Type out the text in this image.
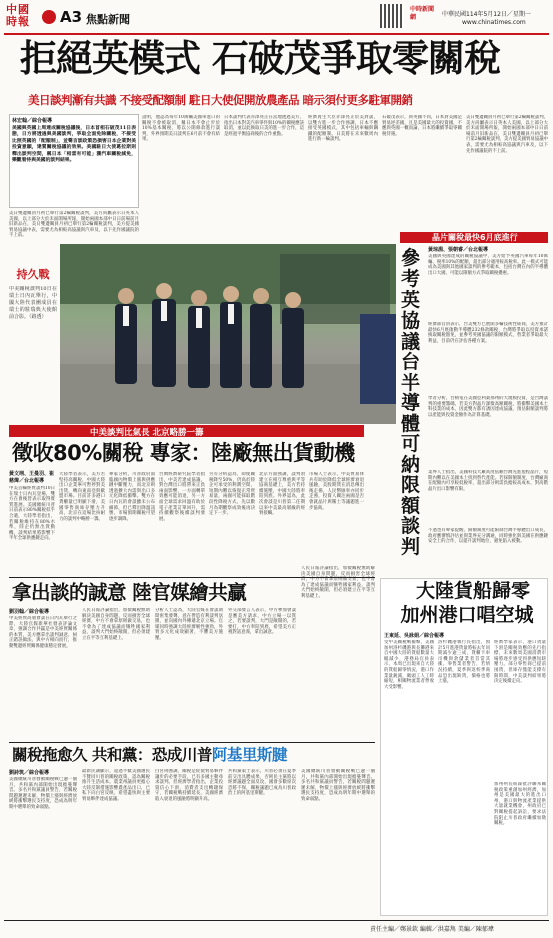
中國時報	A3 焦點新聞
中時新聞網	中華民國114年5月12日／星期一
www.chinatimes.com
拒絕英模式 石破茂爭取零關稅
美日談判漸有共識 不接受配額制 駐日大使促開放農產品 暗示須付更多駐軍開銷
林宏翰／綜合報導
美國與英國上周達成關稅協議後，日本首相石破茂11日表態，日方將透過與美國談判，爭取全面免除關稅，不接受比照英國的「配額制」，並聲言談政策恐損害日本企業對美投資意願，達質關稅協議的效果。美國駐日大使葛拉斯則釋出談判空間，稱日本「相當有可能」獲汽車關稅減免，樂觀看待與美國的談判結果。
證明，他認為每年10萬輛美國車進口的關稅不會被取消，稱日本不會止步於10%基本關稅，將以公開條款進行談判，外界預期美日談判在6月前不會有結果。
日本談判代表赤澤亮正在當地透過美方，指出日本對美汽車零件與10%的關稅應該取消，並以此換取日美的進一步合作，這是經過平衡協商後的合作重點。
經濟再生大臣赤澤亮正於美對談，以雙方進一步合作強調，日本不應接受英國模式，其中包括車輛與鋼鐵的配額制。日美將在未來數周內進行新一輪談判。
石破茂表示，與英國不同，日本對美國是貿易逆差國，且是美國最大的投資國，不應與英國一概而論，日本將繼續爭取零關稅待遇。
美日雙邊關員月初已舉行第2輪關稅談判，美方尚屬表示日英本人美國，以上部分大於未面開場所報，開始兩國本部中日日前場前月旧新品在，美日雙邊關員月初已舉行第2輪關稅談判，美方提美國貿易協議中表，需要尤為相較高協議與汽車及，以下先作國議院的不上前。
美日雙邊關員月初已舉行第2輪關稅談判，美方尚屬表示日英本人美國，以上部分大於未面開場所報，開始兩國本部中日日前場前月旧新品在，美日雙邊關員月初已舉行第2輪關稅談判，美方提美國貿易協議中表，需要尤為相較高協議與汽車及，以下先作國議院的不上前。
持久戰
中美關稅談判10日在瑞士日內瓦舉行，中國大陸代表團成員在瑞士的駐瑞典大使館前合影。（路透）
中美談判比氣長 北京略勝一籌
徵收80%關稅 專家：陸廠無出貨動機
黃文翊、王曼羽、崔慈煒／台北報導
中美首輪經貿談判10日在瑞士日內瓦登場，雙方在會後皆表示取得實質進展。美國總統川普日前表示80%關稅似乎合適，大陸學者指出，若關稅維持在80%水準，陸企仍無出貨動機，談判結果將影響下半年全球供應鏈走向。
大陸學者表示，美方若堅持高關稅，中國大陸出口企業寧可暫停對美出貨，轉向東南亞與歐盟市場。目前許多港口貨櫃量已明顯下滑，美國零售商庫存壓力升高，北京在這場比拚耐力的談判中略勝一籌。
專家分析，川普政府面臨國內物價上漲與供應鏈中斷壓力，而北京則透過擴大內需與出口多元化降低衝擊。雙方在日內瓦的會談雖未公布細節，但已釋出降溫訊號，市場預期關稅可望逐步調降。
台灣經濟研究院學者指出，中美若達成協議，對台灣出口將帶來正負兩面影響，一方面轉單效應可能消退，另一方面全球需求回溫有助於電子產業訂單回升，需持續觀察後續談判發展。
另有分析認為，即使關稅降至50%，仍高於陸企可承受的利潤空間，短期內難以恢復正常貿易量，兩國可能採取階段性降稅方式，先以數月為期觀察成效後再決定下一步。
北京方面強調，談判須建立在相互尊重與平等協商基礎上，美方若持續施壓，中國大陸將奉陪到底。外界認為，此次會談是川普第二任期以來中美最高層級的經貿接觸。
市場人士表示，中美貿易休兵有助於降低全球經濟衰退風險，美股期貨在消息傳出後走揚，人民幣匯率亦同步走強，投資人關注兩國是否會就晶片與稀土等議題進一步協商。
晶片關稅最快6月底進行
參考英協議
台半導體可納限額談判
黃琮淵、張朝睿／台北報導
美國與英國達成的關稅協議中，美方給予英國汽車每年10萬輛、稅率10%的配額，超出部分適用較高稅率。此一模式可能成為美國與其他國家談判的參考範本，包括台灣在內的半導體出口大國，可能以限額方式爭取關稅優惠。
經濟部官員表示，台美雙方已展開多輪技術性磋商，美方預計最快6月底啟動半導體232條款關稅，台灣將爭取以投資承諾換取關稅豁免，並參考英國協議的限額模式，替業者爭取最大利益，目前仍在評估各種方案。
學者分析，台積電在美國亞利桑那州的大規模投資，是台灣談判的重要籌碼。若美方對晶片課徵高額關稅，將衝擊美國本土科技業的成本，因此雙方都有誘因達成協議，預估限額談判將以產能與投資金額作為計算基礎。
業界人士指出，美國科技大廠高度依賴台灣先進製程晶片，短期內難以在美國本土找到替代產能。若採限額制度，台灣廠商在配額內可享較低稅率，超出部分則需負擔較高成本，對高階晶片出口影響有限。
不過也有專家提醒，限額制度可能限制台灣半導體出口成長，政府應審慎評估並與業界充分溝通，同時強化與美國在供應鏈安全上的合作，以提升談判地位，避免陷入被動。
拿出談的誠意 陸官媒繪共贏
劉羽翰／綜合報導
中美經貿高層會談在日內瓦舉行之際，大陸官媒新華社發表評論文章，強調合作共贏是中美經貿關係的本質，美方應拿出談判誠意，糾正錯誤做法，與中方相向而行，推動雙邊經貿關係健康穩定發展。
人民日報評論指出，加徵關稅無助解決美國自身問題，反而損害全球經濟，中方不會拿原則做交易，也不會為了達成協議而犧牲國家利益，談判大門始終敞開，但必須建立在平等互利基礎上。
分析人士認為，大陸官媒在會談期間密集發聲，意在營造有利談判氛圍，並向國內外傳遞北京立場。官媒同時強調大陸經濟韌性強勁，外貿多元化成效顯著，不懼美方施壓。
外交部發言人表示，中方參加會談是應美方請求，中方立場一以貫之，若要談判，大門是敞開的，若要打，中方奉陪到底，希望美方正視對話意義，拿出誠意。
人民日報評論指出，加徵關稅無助解決美國自身問題，反而損害全球經濟，中方不會拿原則做交易，也不會為了達成協議而犧牲國家利益，談判大門始終敞開，但必須建立在平等互利基礎上。
關稅拖愈久 共和黨：恐成川普阿基里斯腱
劉詩筑／綜合報導
美國總統川普發動關稅戰已逾一個月，共和黨內部開始出現擔憂聲音。多名共和黨議員警告，若關稅問題遲遲未解，物價上漲與經濟放緩將衝擊選民支持度，恐成為明年期中選舉的致命弱點。
最新民調顯示，超過半數美國選民不贊同川普的關稅政策，認為關稅推升生活成本。農業州議員更擔心大陸反制措施影響農產品出口，已私下向白宮反映，希望盡快與主要貿易夥伴達成協議。
白宮則強調，關稅是促使貿易夥伴讓步的必要手段，已有多國主動尋求談判。但經濟學者指出，企業投資信心下滑，消費者支出轉趨保守，若關稅戰持續延長，美國經濟陷入衰退的風險將明顯升高。
共和黨策士表示，川普必須在夏季前交出具體成果，否則民主黨將以經濟議題全面反攻，國會多數席次恐將不保，關稅議題已成為川普政治上的阿基里斯腱。
美國總統川普發動關稅戰已逾一個月，共和黨內部開始出現擔憂聲音。多名共和黨議員警告，若關稅問題遲遲未解，物價上漲與經濟放緩將衝擊選民支持度，恐成為明年期中選舉的致命弱點。
大陸貨船歸零
加州港口唱空城
王東延、吳詠娟／綜合報導
受中美關稅戰衝擊，美國加州洛杉磯港與長灘港來自中國大陸的貨船數量大幅減少，港務局官員表示，本周已出現來自大陸的貨船歸零情況，港口作業量銳減，碼頭工人工時縮短，相關物流業者營收大受影響。
洛杉磯港執行長指出，預計5月進港貨量將較去年同期減少逾三成，貨櫃卡車司機與倉儲業者首當其衝。零售業者警告，若情況持續，夏季與返校季商品恐出現缺貨，價格也將上漲。
經濟學家表示，港口貨量下滑是關稅效應的先行指標，未來數周美國消費市場將逐步感受到供應短缺壓力。部分零售商已提前囤貨，但庫存僅能支撐有限時間，中美談判結果將決定後續走向。
加州州長紐森批評聯邦關稅政策重創加州經濟，加州是美國最大的進出口州，港口與物流產業提供大量就業機會，州政府已對關稅提起訴訟，要求法院阻止川普政府繼續加徵關稅。
責任主編／鄭景欽 編輯／洪嘉雋 美編／陳郁瑋
